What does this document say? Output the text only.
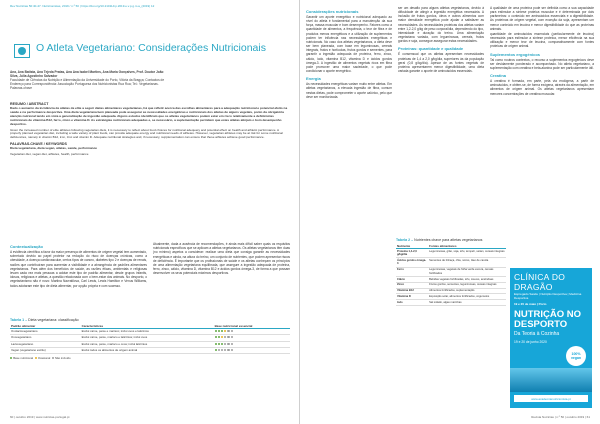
Rev Nutrícias 50:40-47. Nutricionistas, 2019 / n.º 50 | https://doi.org/10.21011/np.2019.e.v.p.g.m.a_(2019) 12
O Atleta Vegetariano: Considerações Nutricionais

Ana, Ana Batista, Ana Tejeda Pratas, Ana Ana Isabel Martins, Ana Maria Gonçalves, Prof. Doutor João Silva, Júlia Agostinho Salvador

Faculdade de Ciências da Nutrição e Alimentação da Universidade do Porto, Vitória da Bragça; Contactos de Endereço para Correspondência: Associação Portuguesa dos Nutricionistas Rua Rua; Tel.: Vegetarianas. Palavras-chave

RESUMO / ABSTRACT

Dado o aumento da incidência de atletas de elite a seguir dietas alimentares vegetarianas, há que refletir acerca das escolhas alimentares para a adequação nutricional e potencial efeito na saúde e na performance desportiva. Uma dieta vegetariana bem planeada pode assegurar as necessidades energéticas e nutricionais dos atletas de alguns vegetais, ponto da obrigatória atenção nutrional tendo em vista a generalização de ingestão adequada. Alguns estudos identificam que os atletas vegetarianos podem estar em risco relativamente a deficiências nutricionais de vitamina B12, ferro, zinco e vitamina D. As estratégias nutricionais adequadas e, se necessário, a suplementação permitem que estes atletas atinjam o bom desempenho desportivo.

Given the increased number of elite athletes following vegetarian diets, it is necessary to reflect about food choices for nutritional adequacy and potential effect on health and athletic performance. A properly planned vegetarian diet, including a wide variety of plant foods, can provide adequate energy and nutritional needs of athletes. However, vegetarian athletes may be at risk for some nutritional deficiencies, namely in vitamin B12, iron, zinc and vitamin D. Adequate nutritional strategies and, if necessary, supplementation can ensure that these athletes achieve good performance.

PALAVRAS-CHAVE / KEYWORDS

Dieta vegetariana, dieta vegan, atletas, saúde, performance

Vegetarian diet, vegan diet, athletes, health, performance

Contextualização

A evidência científica a favor da maior presença de alimentos de origem vegetal tem aumentado, sobretudo devido ao papel protetor na redução do risco de doenças crónicas, como a obesidade, a doença cardiovascular, certos tipos de cancro, diabetes tipo 2 e doenças de renais, razões que contribuíram para aumentar a visibilidade e a abrangência de padrões alimentares vegetarianos. Para além dos benefícios de saúde, as razões éticas, ambientais e religiosas levam cada vez mais pessoas a adotar este tipo de padrão alimentar, desde grupos infantis, idosos, religiosos e atletas, a questão relacionada com o bem-estar dos animais. No desporto, o vegetarianismo não é novo: Martina Navratilova, Carl Lewis, Lewis Hamilton e Venus Williams, todos adotaram este tipo de dieta alimentar, por opção própria e com sucesso.

Atualmente, dada a ausência de recomendações, é ainda mais difícil saber quais os requisitos nutricionais específicos que se aplicam a atletas vegetarianos. Os atletas vegetarianos têm duas (no mínimo) aspetos a considerar: realizar uma dieta que consiga garantir as necessidades energéticas e ainda, na altura do treino, um conjunto de nutrientes, que podem apresentar riscos de deficiência. É importante que os profissionais de saúde e os atletas conheçam os princípios de uma alimentação vegetariana equilibrada, que assegure a ingestão adequada de proteína, ferro, zinco, cálcio, vitamina D, vitamina B12 e ácidos gordos ómega-3, de forma a que possam desenvolver os seus potenciais máximos desportivos.

Tabela 1 – Dieta vegetariana: classificação
Padrão alimentar	Características	Base nutricional essencial
Ovolactovegetariano	Exclui carne, peixe e marisco; inclui ovos e laticínios	
Ovovegetariano	Exclui carne, peixe, marisco e laticínios; inclui ovos	
Lactovegetariano	Exclui carne, peixe, marisco e ovos; inclui laticínios	
Vegan (vegetariano estrito)	Exclui todos os alimentos de origem animal	
Base nutricional Ocasional Não incluído
60 | outubro 2019 | www.nutricias-portugal.pt
Considerações nutricionais

Garantir um aporte energético e nutricional adequado ao nível do atleta é fundamental para a manutenção da sua força, massa muscular e bom desempenho. Fatores como a quantidade de alimentos, a frequência, o teor de fibra e de produtos menos energéticos e a utilização de suplementos podem ter influência nas necessidades energéticas e nutricionais. No caso dos atletas vegetarianos, a dieta deve ser bem planeada, com base em leguminosas, cereais integrais, frutos e hortícolas, frutos gordos e sementes, para garantir a ingestão adequada de proteína, ferro, zinco, cálcio, iodo, vitamina B12, vitamina D e ácidos gordos ómega-3. A ingestão de alimentos vegetais ricos em fibra pode promover uma maior saciedade, o que pode condicionar o aporte energético.

Energia

As necessidades energéticas variam muito entre atletas. Em atletas vegetarianos, a elevada ingestão de fibra, comum nestas dietas, pode comprometer o aporte calórico, pelo que deve ser monitorizada.

ser um desafio para alguns atletas vegetarianos, devido à dificuldade de atingir a ingestão energética necessária. A inclusão de frutos gordos, óleos e outros alimentos com maior densidade energética pode ajudar a satisfazer as necessidades. As necessidades proteicas dos atletas variam entre 1,2-2,0 g/kg de peso corporal/dia, dependendo do tipo, intensidade e duração do treino. Uma alimentação vegetariana variada, com leguminosas, cereais, frutos gordos e soja, consegue assegurar estas necessidades.

Proteínas: quantidade e qualidade

É consensual que os atletas apresentam necessidades proteicas de 1,4 a 2,0 g/kg/dia, superiores às da população geral (0,8 g/kg/dia). Apesar de as fontes vegetais de proteína apresentarem menor digestibilidade, uma dieta variada garante o aporte de aminoácidos essenciais.

A qualidade de uma proteína pode ser definida como a sua capacidade para estimular a síntese proteica muscular e é determinada por dois parâmetros: o conteúdo em aminoácidos essenciais e a digestibilidade. As proteínas de origem vegetal, com exceção da soja, apresentam um menor conteúdo em leucina e menor digestibilidade do que as proteínas animais.

quantidade de aminoácidos essenciais (particularmente de leucina) necessária para estimular a síntese proteica, menor eficiência na sua utilização e menor teor de leucina, comparativamente com fontes proteicas de origem animal.

Suplementos ergogénicos

Tal como noutros contextos, o recurso a suplementos ergogénicos deve ser devidamente ponderado e acompanhado. No atleta vegetariano, a suplementação com creatina e beta-alanina pode ser particularmente útil.

Creatina

A creatina é formada, em parte, pela via endógena, a partir de aminoácidos, e obtém-se, de forma exógena, através da alimentação, em alimentos de origem animal. Os atletas vegetarianos apresentam menores concentrações de creatina muscular.

Tabela 2 – Nutrientes chave para atletas vegetarianos
Nutriente	Fontes alimentares
Proteína 1,4-2,0 g/kg/dia	Leguminosas, grão, soja, tofu, tempeh, seitan, cereais integrais
Ácidos gordos ómega-3	Sementes de linhaça, chia, nozes, óleo de canola
Ferro	Leguminosas, vegetais de folha verde escura, cereais fortificados
Cálcio	Bebidas vegetais fortificadas, tofu, couves, amêndoas
Zinco	Frutos gordos, sementes, leguminosas, cereais integrais
Vitamina B12	Alimentos fortificados, suplementação
Vitamina D	Exposição solar, alimentos fortificados, cogumelos
Iodo	Sal iodado, algas marinhas
CLÍNICA DO DRAGÃO
Espregado Saúde | Nutrição Desportiva | Medicina Desportiva
19 e 20 de maio | Porto
NUTRIÇÃO NO DESPORTO
Da Teoria à Cozinha
19 e 20 de junho 2020
100% vegan
www.academianutricionista.pt
Revista Nutrícias | n.º 50 | outubro 2019 | 61
